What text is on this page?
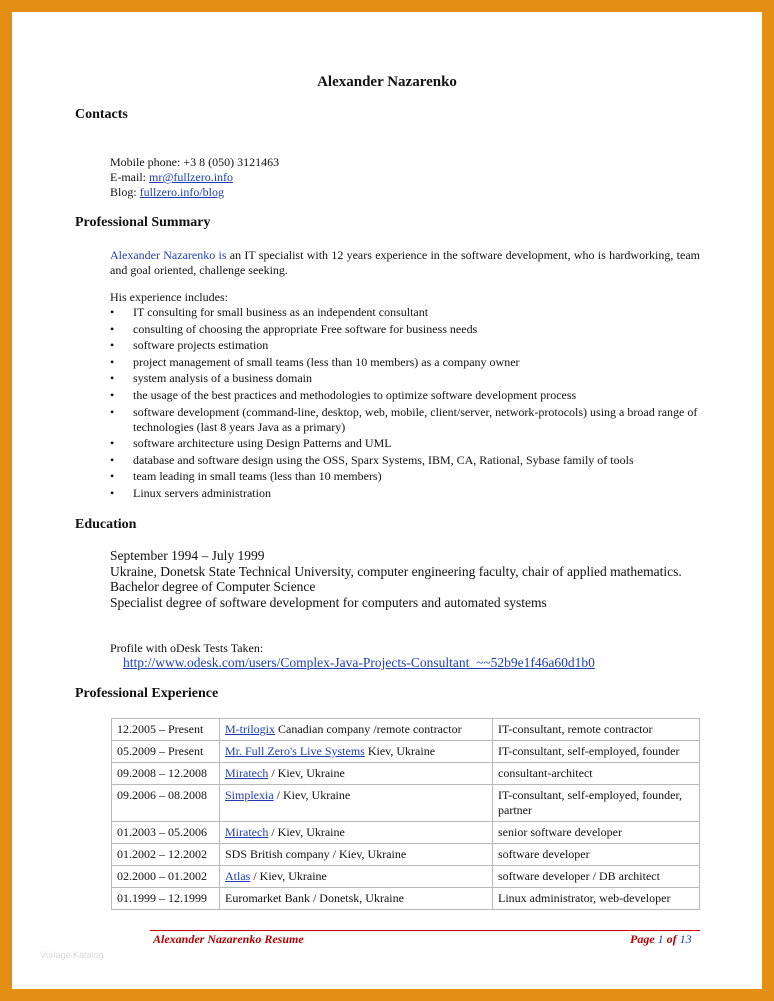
Alexander Nazarenko
Contacts
Mobile phone: +3 8 (050) 3121463
E-mail: mr@fullzero.info
Blog: fullzero.info/blog
Professional Summary
Alexander Nazarenko is an IT specialist with 12 years experience in the software development, who is hardworking, team and goal oriented, challenge seeking.
His experience includes:
• IT consulting for small business as an independent consultant
• consulting of choosing the appropriate Free software for business needs
• software projects estimation
• project management of small teams (less than 10 members) as a company owner
• system analysis of a business domain
• the usage of the best practices and methodologies to optimize software development process
• software development (command-line, desktop, web, mobile, client/server, network-protocols) using a broad range of technologies (last 8 years Java as a primary)
• software architecture using Design Patterns and UML
• database and software design using the OSS, Sparx Systems, IBM, CA, Rational, Sybase family of tools
• team leading in small teams (less than 10 members)
• Linux servers administration
Education
September 1994 – July 1999
Ukraine, Donetsk State Technical University, computer engineering faculty, chair of applied mathematics.
Bachelor degree of Computer Science
Specialist degree of software development for computers and automated systems
Profile with oDesk Tests Taken:
http://www.odesk.com/users/Complex-Java-Projects-Consultant_~~52b9e1f46a60d1b0
Professional Experience
12.2005 – Present	M-trilogix Canadian company /remote contractor	IT-consultant, remote contractor
05.2009 – Present	Mr. Full Zero's Live Systems Kiev, Ukraine	IT-consultant, self-employed, founder
09.2008 – 12.2008	Miratech / Kiev, Ukraine	consultant-architect
09.2006 – 08.2008	Simplexia / Kiev, Ukraine	IT-consultant, self-employed, founder, partner
01.2003 – 05.2006	Miratech / Kiev, Ukraine	senior software developer
01.2002 – 12.2002	SDS British company / Kiev, Ukraine	software developer
02.2000 – 01.2002	Atlas / Kiev, Ukraine	software developer / DB architect
01.1999 – 12.1999	Euromarket Bank / Donetsk, Ukraine	Linux administrator, web-developer
Alexander Nazarenko Resume	Page 1 of 13
Vorlage Katalog
